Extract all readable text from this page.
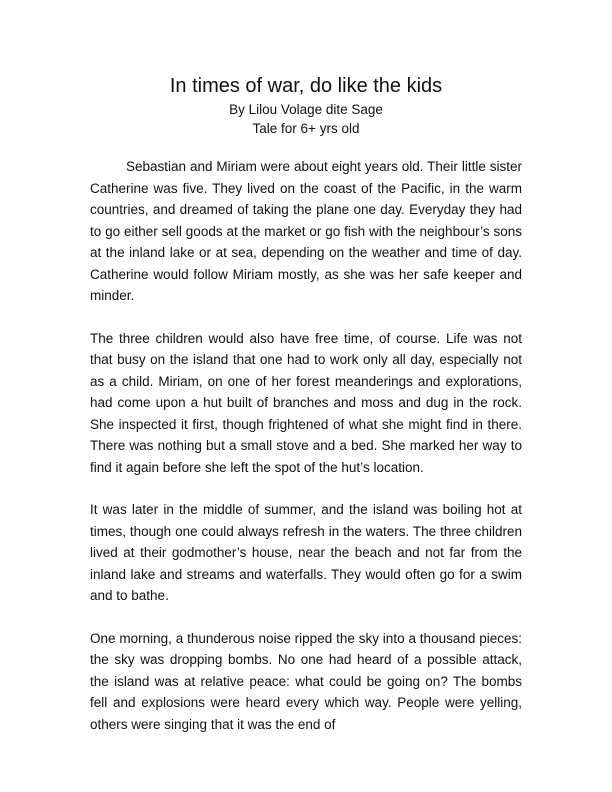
In times of war, do like the kids

By Lilou Volage dite Sage

Tale for 6+ yrs old

Sebastian and Miriam were about eight years old. Their little sister Catherine was five. They lived on the coast of the Pacific, in the warm countries, and dreamed of taking the plane one day. Everyday they had to go either sell goods at the market or go fish with the neighbour’s sons at the inland lake or at sea, depending on the weather and time of day. Catherine would follow Miriam mostly, as she was her safe keeper and minder.

The three children would also have free time, of course. Life was not that busy on the island that one had to work only all day, especially not as a child. Miriam, on one of her forest meanderings and explorations, had come upon a hut built of branches and moss and dug in the rock. She inspected it first, though frightened of what she might find in there. There was nothing but a small stove and a bed. She marked her way to find it again before she left the spot of the hut’s location.

It was later in the middle of summer, and the island was boiling hot at times, though one could always refresh in the waters. The three children lived at their godmother’s house, near the beach and not far from the inland lake and streams and waterfalls. They would often go for a swim and to bathe.

One morning, a thunderous noise ripped the sky into a thousand pieces: the sky was dropping bombs. No one had heard of a possible attack, the island was at relative peace: what could be going on? The bombs fell and explosions were heard every which way. People were yelling, others were singing that it was the end of
